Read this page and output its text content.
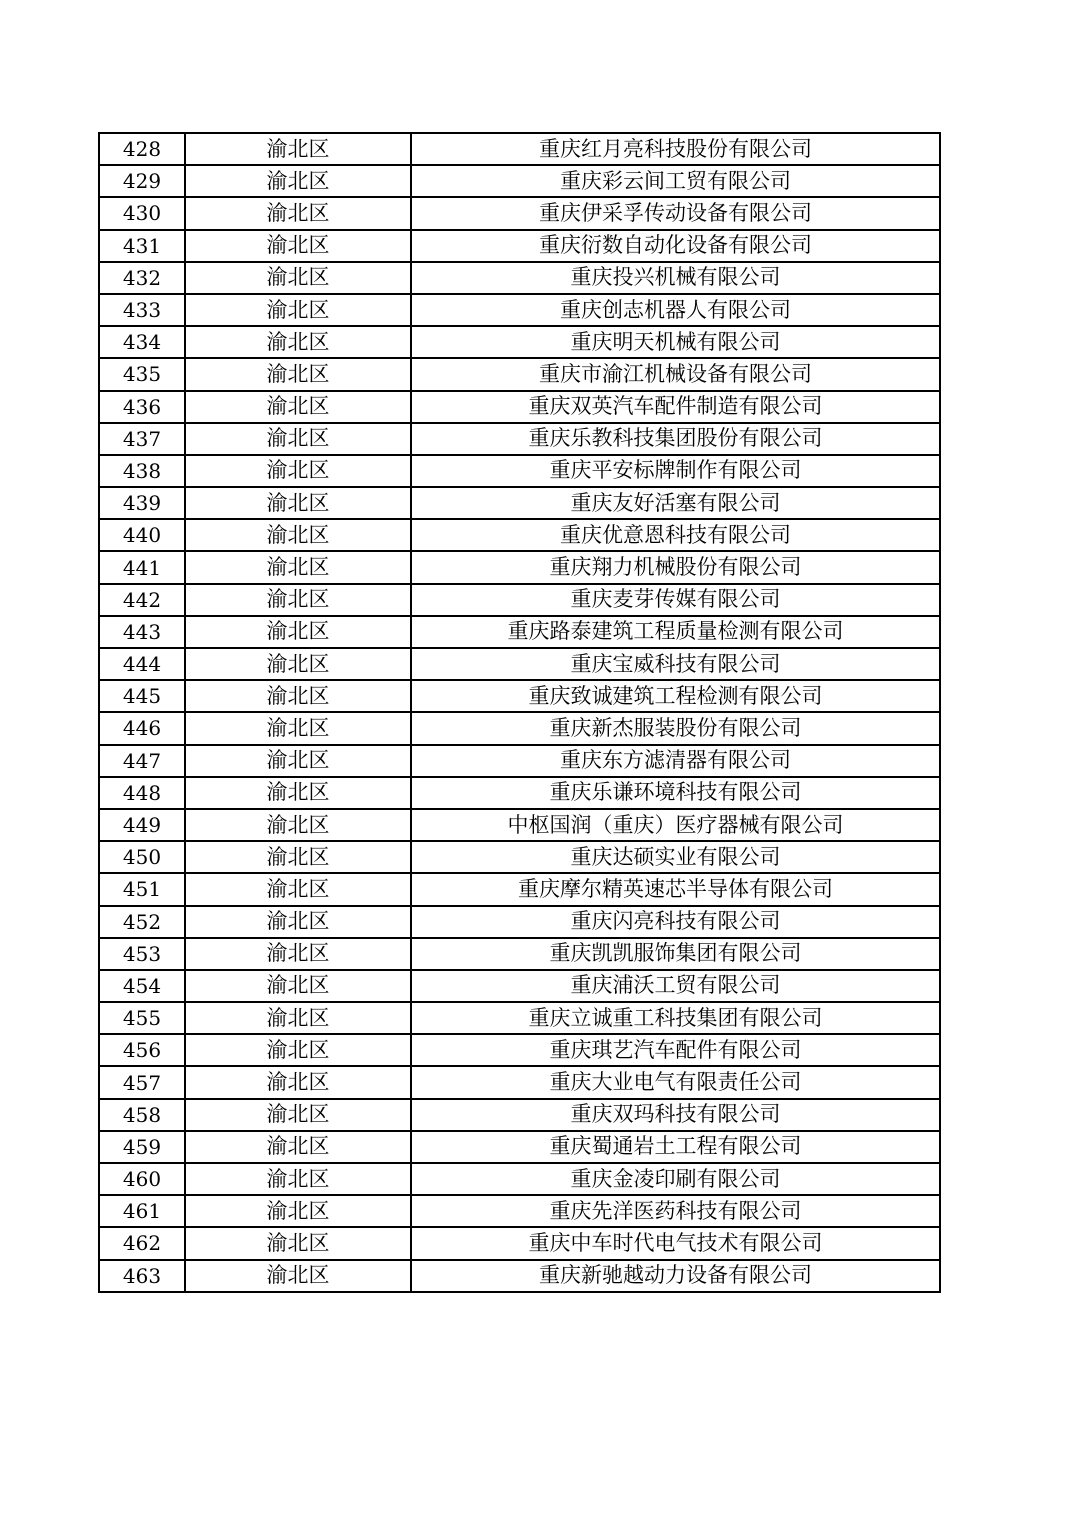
428	渝北区	重庆红月亮科技股份有限公司
429	渝北区	重庆彩云间工贸有限公司
430	渝北区	重庆伊采孚传动设备有限公司
431	渝北区	重庆衍数自动化设备有限公司
432	渝北区	重庆投兴机械有限公司
433	渝北区	重庆创志机器人有限公司
434	渝北区	重庆明天机械有限公司
435	渝北区	重庆市渝江机械设备有限公司
436	渝北区	重庆双英汽车配件制造有限公司
437	渝北区	重庆乐教科技集团股份有限公司
438	渝北区	重庆平安标牌制作有限公司
439	渝北区	重庆友好活塞有限公司
440	渝北区	重庆优意恩科技有限公司
441	渝北区	重庆翔力机械股份有限公司
442	渝北区	重庆麦芽传媒有限公司
443	渝北区	重庆路泰建筑工程质量检测有限公司
444	渝北区	重庆宝威科技有限公司
445	渝北区	重庆致诚建筑工程检测有限公司
446	渝北区	重庆新杰服装股份有限公司
447	渝北区	重庆东方滤清器有限公司
448	渝北区	重庆乐谦环境科技有限公司
449	渝北区	中枢国润（重庆）医疗器械有限公司
450	渝北区	重庆达硕实业有限公司
451	渝北区	重庆摩尔精英速芯半导体有限公司
452	渝北区	重庆闪亮科技有限公司
453	渝北区	重庆凯凯服饰集团有限公司
454	渝北区	重庆浦沃工贸有限公司
455	渝北区	重庆立诚重工科技集团有限公司
456	渝北区	重庆琪艺汽车配件有限公司
457	渝北区	重庆大业电气有限责任公司
458	渝北区	重庆双玛科技有限公司
459	渝北区	重庆蜀通岩土工程有限公司
460	渝北区	重庆金凌印刷有限公司
461	渝北区	重庆先洋医药科技有限公司
462	渝北区	重庆中车时代电气技术有限公司
463	渝北区	重庆新驰越动力设备有限公司
